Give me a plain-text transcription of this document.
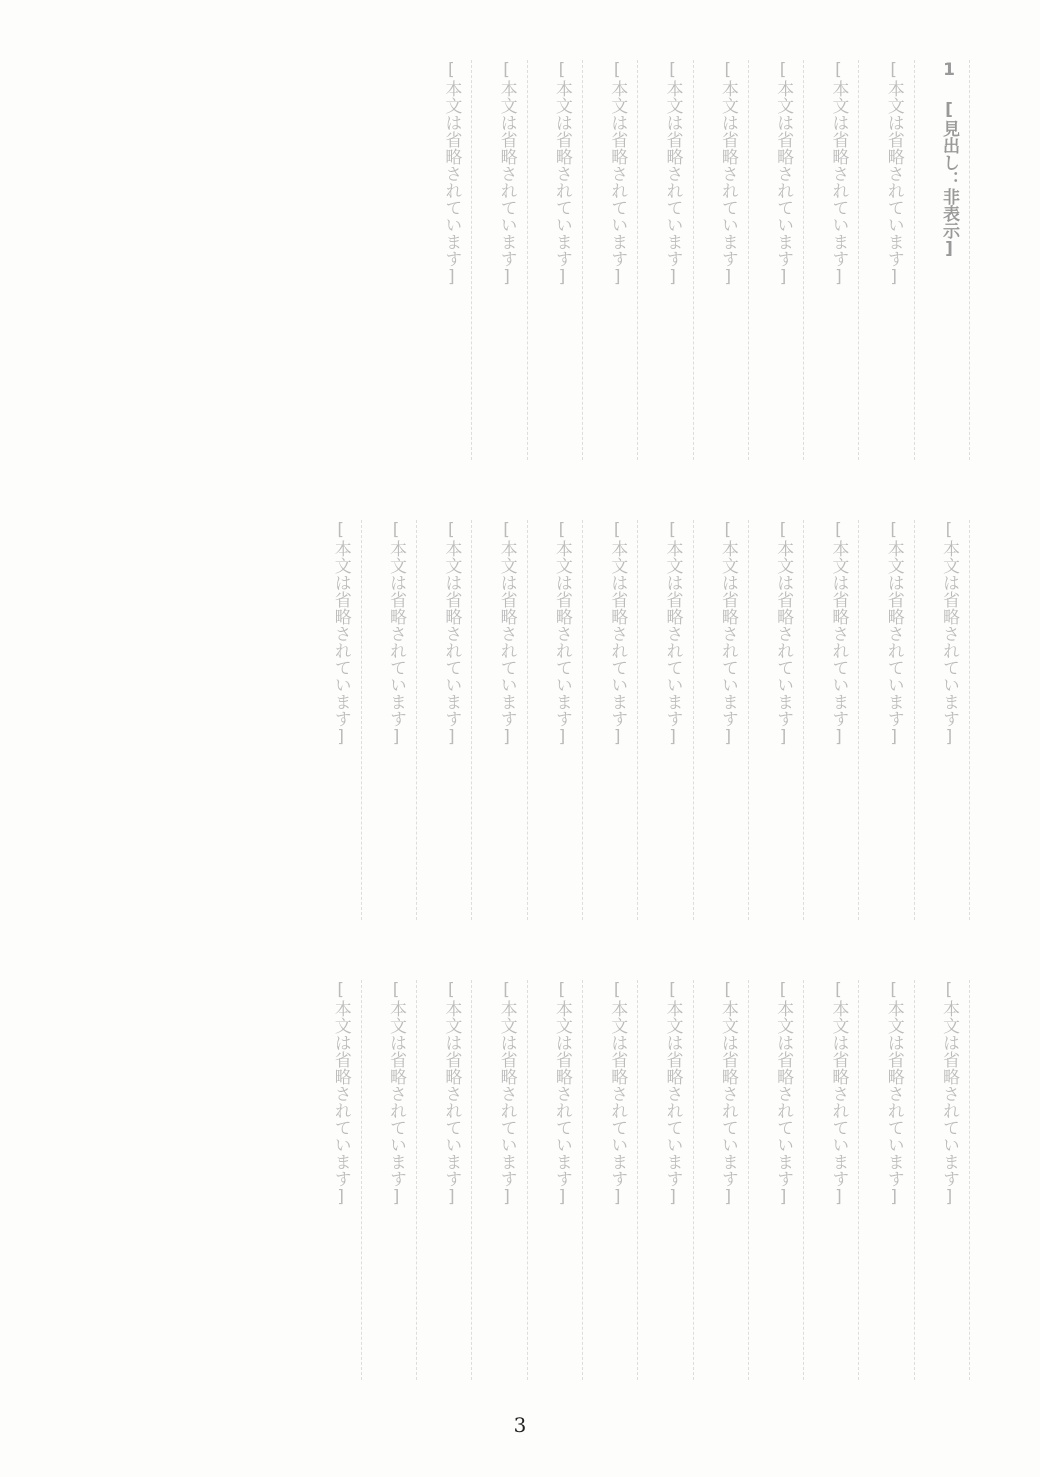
1 [見出し：非表示]
[本文は省略されています]
[本文は省略されています]
[本文は省略されています]
[本文は省略されています]
[本文は省略されています]
[本文は省略されています]
[本文は省略されています]
[本文は省略されています]
[本文は省略されています]
[本文は省略されています]
[本文は省略されています]
[本文は省略されています]
[本文は省略されています]
[本文は省略されています]
[本文は省略されています]
[本文は省略されています]
[本文は省略されています]
[本文は省略されています]
[本文は省略されています]
[本文は省略されています]
[本文は省略されています]
[本文は省略されています]
[本文は省略されています]
[本文は省略されています]
[本文は省略されています]
[本文は省略されています]
[本文は省略されています]
[本文は省略されています]
[本文は省略されています]
[本文は省略されています]
[本文は省略されています]
[本文は省略されています]
[本文は省略されています]
3
